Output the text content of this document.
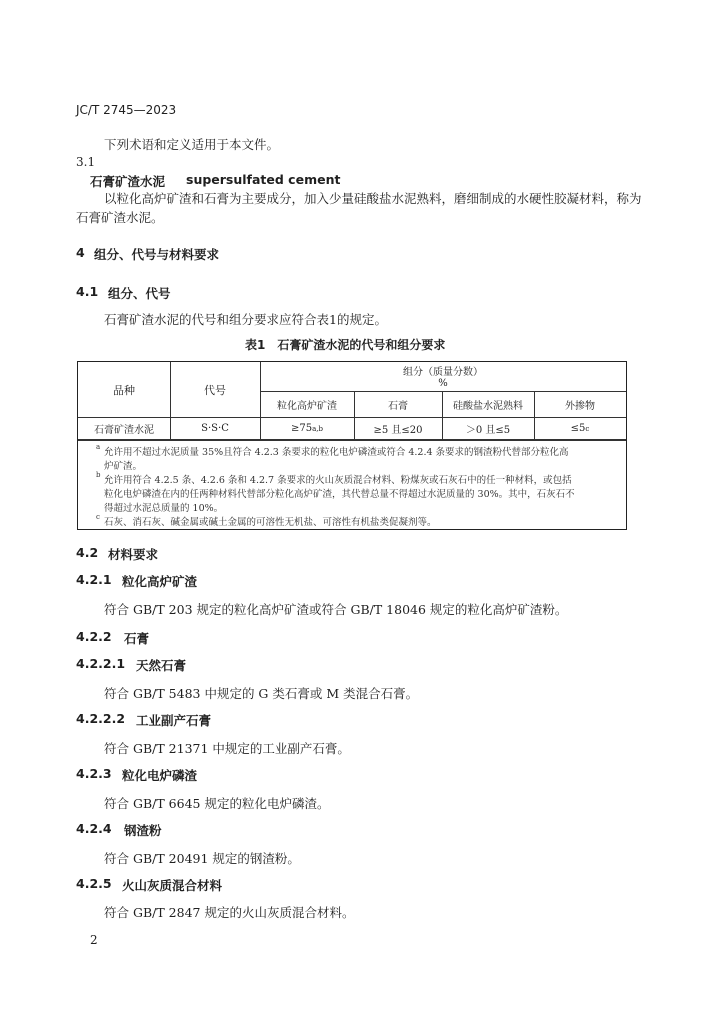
JC/T 2745—2023
下列术语和定义适用于本文件。
3.1
石膏矿渣水泥 supersulfated cement
以粒化高炉矿渣和石膏为主要成分，加入少量硅酸盐水泥熟料，磨细制成的水硬性胶凝材料，称为
石膏矿渣水泥。
4 组分、代号与材料要求
4.1 组分、代号
石膏矿渣水泥的代号和组分要求应符合表1的规定。
表1　石膏矿渣水泥的代号和组分要求
品种	代号
组分（质量分数）
%
粒化高炉矿渣	石膏	硅酸盐水泥熟料	外掺物
石膏矿渣水泥	S·S·C	≥75 a,b	≥5 且≤20	＞0 且≤5	≤5 c
a 允许用不超过水泥质量 35%且符合 4.2.3 条要求的粒化电炉磷渣或符合 4.2.4 条要求的钢渣粉代替部分粒化高
炉矿渣。
b 允许用符合 4.2.5 条、4.2.6 条和 4.2.7 条要求的火山灰质混合材料、粉煤灰或石灰石中的任一种材料，或包括
粒化电炉磷渣在内的任两种材料代替部分粒化高炉矿渣，其代替总量不得超过水泥质量的 30%。其中，石灰石不
得超过水泥总质量的 10%。
c 石灰、消石灰、碱金属或碱土金属的可溶性无机盐、可溶性有机盐类促凝剂等。
4.2 材料要求
4.2.1 粒化高炉矿渣
符合 GB/T 203 规定的粒化高炉矿渣或符合 GB/T 18046 规定的粒化高炉矿渣粉。
4.2.2 石膏
4.2.2.1 天然石膏
符合 GB/T 5483 中规定的 G 类石膏或 M 类混合石膏。
4.2.2.2 工业副产石膏
符合 GB/T 21371 中规定的工业副产石膏。
4.2.3 粒化电炉磷渣
符合 GB/T 6645 规定的粒化电炉磷渣。
4.2.4 钢渣粉
符合 GB/T 20491 规定的钢渣粉。
4.2.5 火山灰质混合材料
符合 GB/T 2847 规定的火山灰质混合材料。
2
